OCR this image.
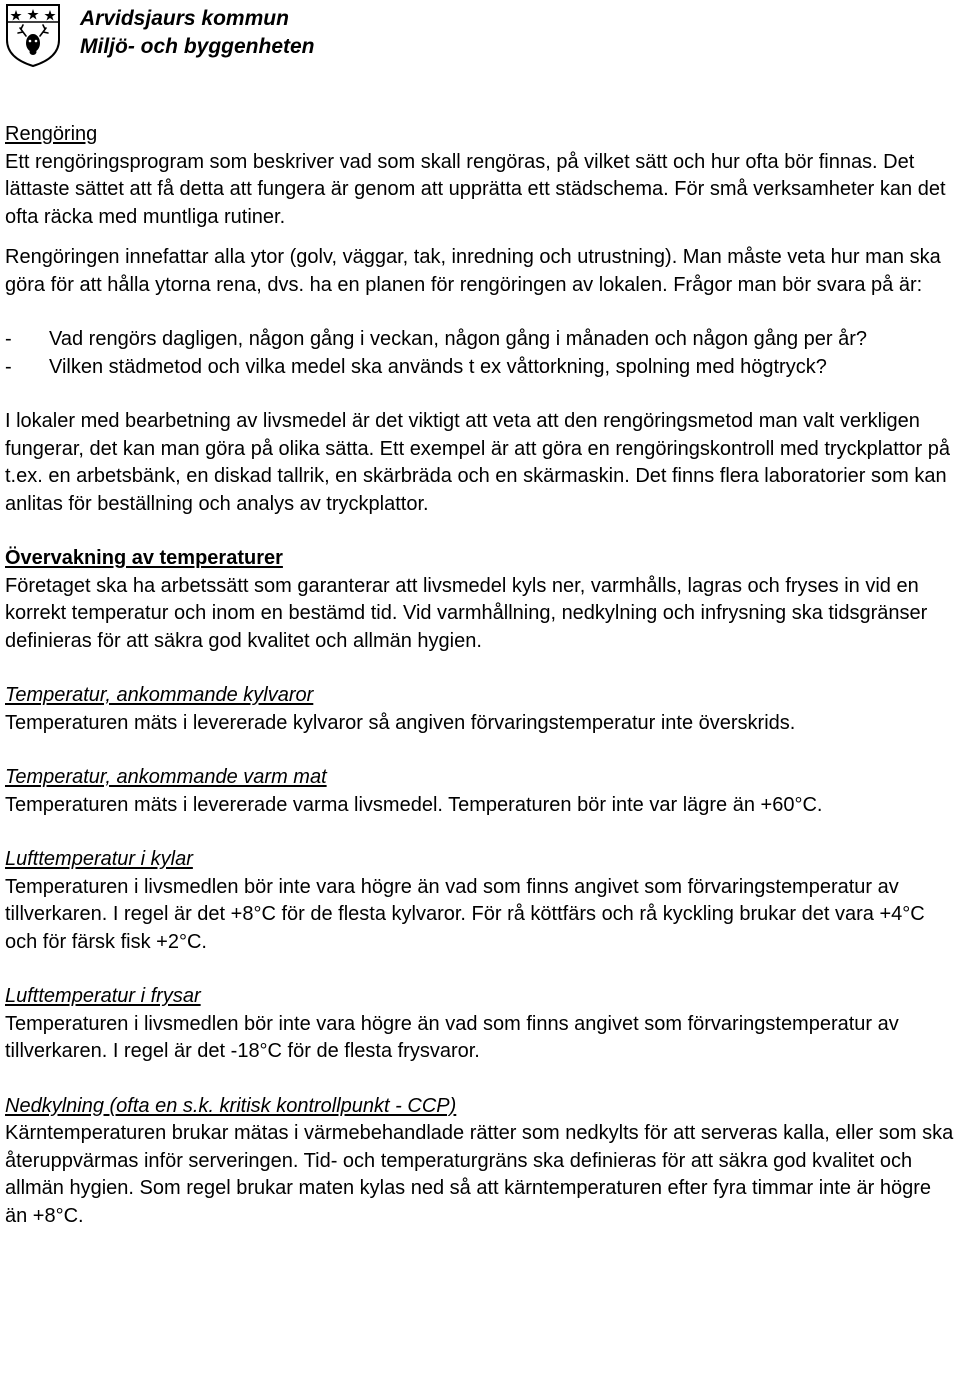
Arvidsjaurs kommun
Miljö- och byggenheten

Rengöring

Ett rengöringsprogram som beskriver vad som skall rengöras, på vilket sätt och hur ofta bör finnas. Det lättaste sättet att få detta att fungera är genom att upprätta ett städschema. För små verksamheter kan det ofta räcka med muntliga rutiner.

Rengöringen innefattar alla ytor (golv, väggar, tak, inredning och utrustning). Man måste veta hur man ska göra för att hålla ytorna rena, dvs. ha en planen för rengöringen av lokalen. Frågor man bör svara på är:

- Vad rengörs dagligen, någon gång i veckan, någon gång i månaden och någon gång per år?
- Vilken städmetod och vilka medel ska används t ex våttorkning, spolning med högtryck?

I lokaler med bearbetning av livsmedel är det viktigt att veta att den rengöringsmetod man valt verkligen fungerar, det kan man göra på olika sätta. Ett exempel är att göra en rengöringskontroll med tryckplattor på t.ex. en arbetsbänk, en diskad tallrik, en skärbräda och en skärmaskin. Det finns flera laboratorier som kan anlitas för beställning och analys av tryckplattor.

Övervakning av temperaturer

Företaget ska ha arbetssätt som garanterar att livsmedel kyls ner, varmhålls, lagras och fryses in vid en korrekt temperatur och inom en bestämd tid. Vid varmhållning, nedkylning och infrysning ska tidsgränser definieras för att säkra god kvalitet och allmän hygien.

Temperatur, ankommande kylvaror

Temperaturen mäts i levererade kylvaror så angiven förvaringstemperatur inte överskrids.

Temperatur, ankommande varm mat

Temperaturen mäts i levererade varma livsmedel. Temperaturen bör inte var lägre än +60°C.

Lufttemperatur i kylar

Temperaturen i livsmedlen bör inte vara högre än vad som finns angivet som förvaringstemperatur av tillverkaren. I regel är det +8°C för de flesta kylvaror. För rå köttfärs och rå kyckling brukar det vara +4°C och för färsk fisk +2°C.

Lufttemperatur i frysar

Temperaturen i livsmedlen bör inte vara högre än vad som finns angivet som förvaringstemperatur av tillverkaren. I regel är det -18°C för de flesta frysvaror.

Nedkylning (ofta en s.k. kritisk kontrollpunkt - CCP)

Kärntemperaturen brukar mätas i värmebehandlade rätter som nedkylts för att serveras kalla, eller som ska återuppvärmas inför serveringen. Tid- och temperaturgräns ska definieras för att säkra god kvalitet och allmän hygien. Som regel brukar maten kylas ned så att kärntemperaturen efter fyra timmar inte är högre än +8°C.
